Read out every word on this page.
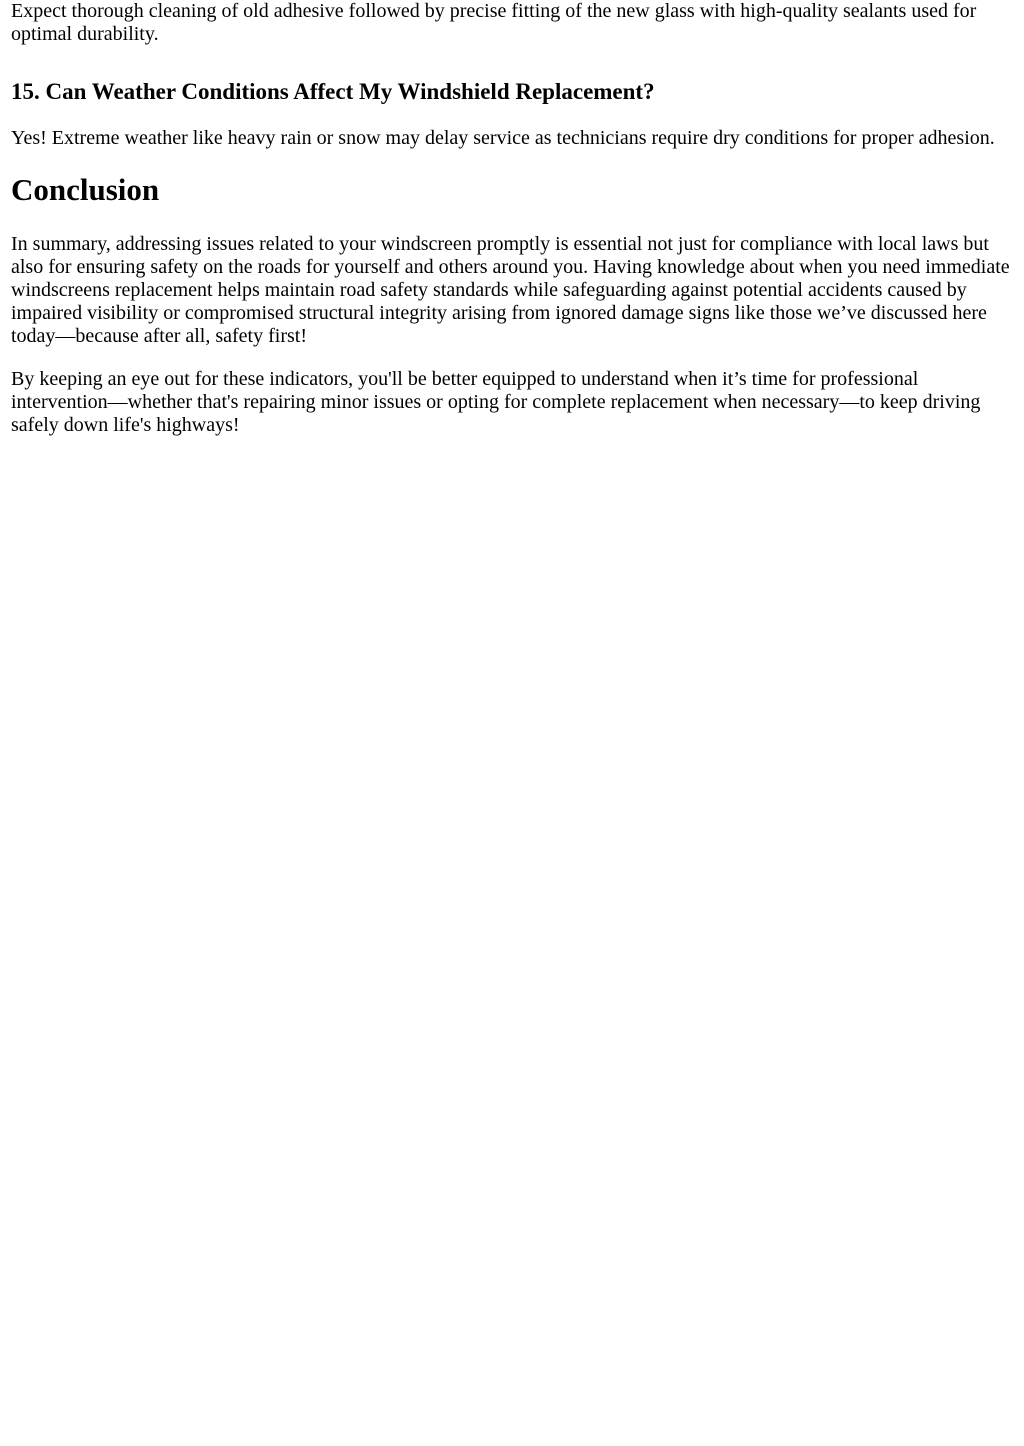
Expect thorough cleaning of old adhesive followed by precise fitting of the new glass with high-quality sealants used for optimal durability.

15. Can Weather Conditions Affect My Windshield Replacement?

Yes! Extreme weather like heavy rain or snow may delay service as technicians require dry conditions for proper adhesion.

Conclusion

In summary, addressing issues related to your windscreen promptly is essential not just for compliance with local laws but also for ensuring safety on the roads for yourself and others around you. Having knowledge about when you need immediate windscreens replacement helps maintain road safety standards while safeguarding against potential accidents caused by impaired visibility or compromised structural integrity arising from ignored damage signs like those we’ve discussed here today—because after all, safety first!

By keeping an eye out for these indicators, you'll be better equipped to understand when it’s time for professional intervention—whether that's repairing minor issues or opting for complete replacement when necessary—to keep driving safely down life's highways!
